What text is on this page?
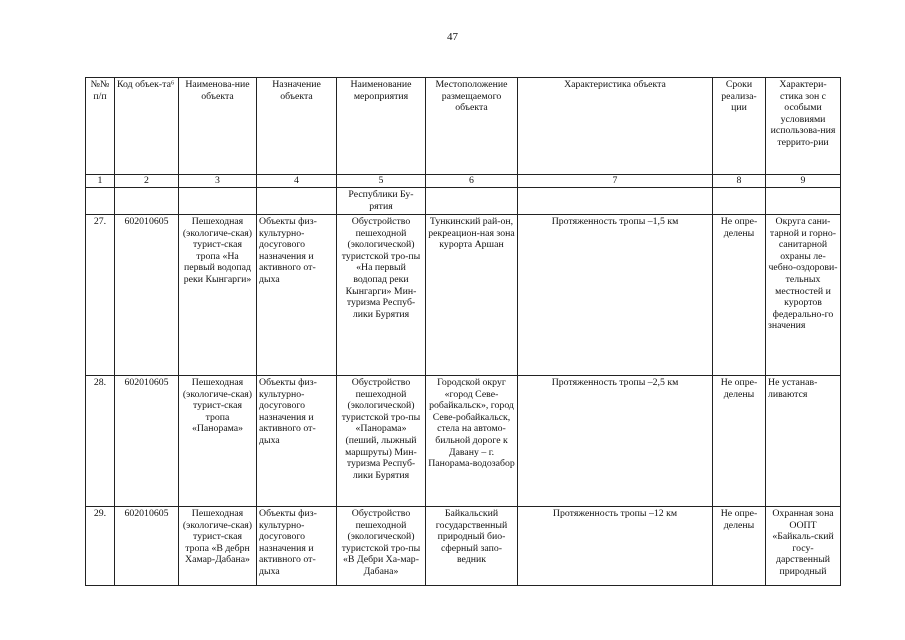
47
№№ п/п	Код объек-та⁶	Наименова-ние объекта	Назначение объекта	Наименование мероприятия	Местоположение размещаемого объекта	Характеристика объекта	Сроки реализа-ции	Характери-стика зон с особыми условиями использова-ния террито-рии
1	2	3	4	5	6	7	8	9
				Республики Бу-рятия				
27.	602010605	Пешеходная (экологиче-ская) турист-ская тропа «На первый водопад реки Кынгарги»	Объекты физ-культурно-досугового назначения и активного от-дыха	Обустройство пешеходной (экологической) туристской тро-пы «На первый водопад реки Кынгарги» Мин-туризма Респуб-лики Бурятия	Тункинский рай-он, рекреацион-ная зона курорта Аршан	Протяженность тропы –1,5 км	Не опре-делены	Округа сани-тарной и горно-санитарной охраны ле-чебно-оздорови-тельных местностей и курортов федерально-го значения
28.	602010605	Пешеходная (экологиче-ская) турист-ская тропа «Панорама»	Объекты физ-культурно-досугового назначения и активного от-дыха	Обустройство пешеходной (экологической) туристской тро-пы «Панорама» (пеший, лыжный маршруты) Мин-туризма Респуб-лики Бурятия	Городской округ «город Севе-робайкальск», город Севе-робайкальск, стела на автомо-бильной дороге к Давану – г. Панорама-водозабор	Протяженность тропы –2,5 км	Не опре-делены	Не устанав-ливаются
29.	602010605	Пешеходная (экологиче-ская) турист-ская тропа «В дебрн Хамар-Дабана»	Объекты физ-культурно-досугового назначения и активного от-дыха	Обустройство пешеходной (экологической) туристской тро-пы «В Дебри Ха-мар-Дабана»	Байкальский государственный природный био-сферный запо-ведник	Протяженность тропы –12 км	Не опре-делены	Охранная зона ООПТ «Байкаль-ский госу-дарственный природный
